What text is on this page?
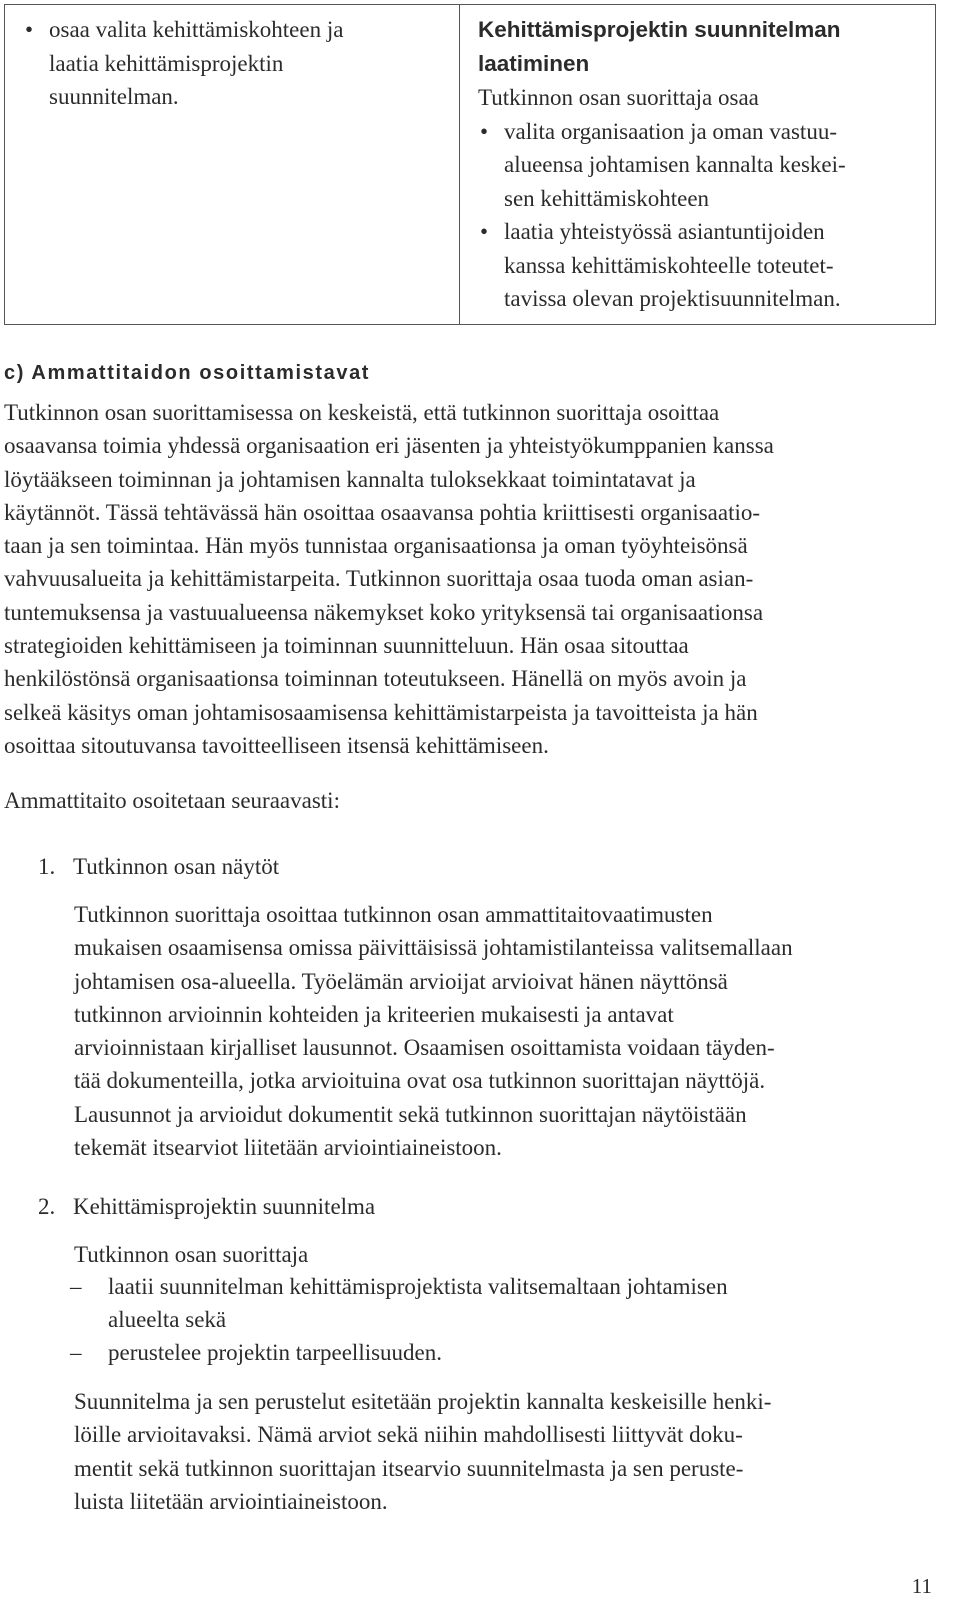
• osaa valita kehittämiskohteen ja
laatia kehittämisprojektin
suunnitelman.
Kehittämisprojektin suunnitelman
laatiminen
Tutkinnon osan suorittaja osaa
• valita organisaation ja oman vastuu-
alueensa johtamisen kannalta keskei-
sen kehittämiskohteen
• laatia yhteistyössä asiantuntijoiden
kanssa kehittämiskohteelle toteutet-
tavissa olevan projektisuunnitelman.
c) Ammattitaidon osoittamistavat

Tutkinnon osan suorittamisessa on keskeistä, että tutkinnon suorittaja osoittaa
osaavansa toimia yhdessä organisaation eri jäsenten ja yhteistyökumppanien kanssa
löytääkseen toiminnan ja johtamisen kannalta tuloksekkaat toimintatavat ja
käytännöt. Tässä tehtävässä hän osoittaa osaavansa pohtia kriittisesti organisaatio-
taan ja sen toimintaa. Hän myös tunnistaa organisaationsa ja oman työyhteisönsä
vahvuusalueita ja kehittämistarpeita. Tutkinnon suorittaja osaa tuoda oman asian-
tuntemuksensa ja vastuualueensa näkemykset koko yrityksensä tai organisaationsa
strategioiden kehittämiseen ja toiminnan suunnitteluun. Hän osaa sitouttaa
henkilöstönsä organisaationsa toiminnan toteutukseen. Hänellä on myös avoin ja
selkeä käsitys oman johtamisosaamisensa kehittämistarpeista ja tavoitteista ja hän
osoittaa sitoutuvansa tavoitteelliseen itsensä kehittämiseen.

Ammattitaito osoitetaan seuraavasti:
1. Tutkinnon osan näytöt
Tutkinnon suorittaja osoittaa tutkinnon osan ammattitaitovaatimusten
mukaisen osaamisensa omissa päivittäisissä johtamistilanteissa valitsemallaan
johtamisen osa-alueella. Työelämän arvioijat arvioivat hänen näyttönsä
tutkinnon arvioinnin kohteiden ja kriteerien mukaisesti ja antavat
arvioinnistaan kirjalliset lausunnot. Osaamisen osoittamista voidaan täyden-
tää dokumenteilla, jotka arvioituina ovat osa tutkinnon suorittajan näyttöjä.
Lausunnot ja arvioidut dokumentit sekä tutkinnon suorittajan näytöistään
tekemät itsearviot liitetään arviointiaineistoon.
2. Kehittämisprojektin suunnitelma
Tutkinnon osan suorittaja
– laatii suunnitelman kehittämisprojektista valitsemaltaan johtamisen
alueelta sekä
– perustelee projektin tarpeellisuuden.
Suunnitelma ja sen perustelut esitetään projektin kannalta keskeisille henki-
löille arvioitavaksi. Nämä arviot sekä niihin mahdollisesti liittyvät doku-
mentit sekä tutkinnon suorittajan itsearvio suunnitelmasta ja sen peruste-
luista liitetään arviointiaineistoon.
11
